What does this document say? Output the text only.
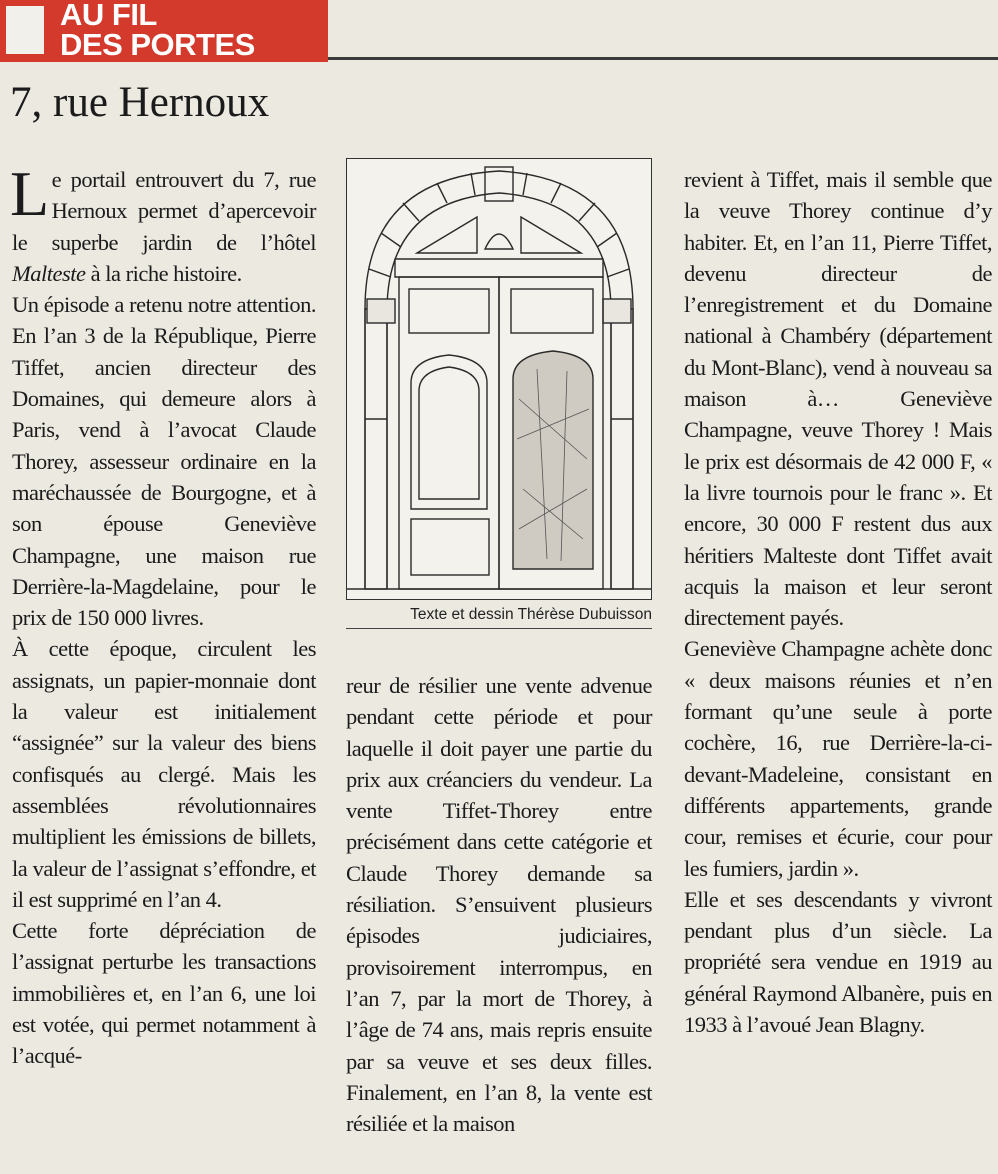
AU FIL
DES PORTES
7, rue Hernoux

Le portail entrouvert du 7, rue Hernoux permet d’apercevoir le superbe jardin de l’hôtel Malteste à la riche histoire.

Un épisode a retenu notre attention. En l’an 3 de la République, Pierre Tiffet, ancien directeur des Domaines, qui demeure alors à Paris, vend à l’avocat Claude Thorey, assesseur ordinaire en la maréchaussée de Bourgogne, et à son épouse Geneviève Champagne, une maison rue Derrière-la-Magdelaine, pour le prix de 150 000 livres.

À cette époque, circulent les assignats, un papier-monnaie dont la valeur est initialement “assignée” sur la valeur des biens confisqués au clergé. Mais les assemblées révolutionnaires multiplient les émissions de billets, la valeur de l’assignat s’effondre, et il est supprimé en l’an 4.

Cette forte dépréciation de l’assignat perturbe les transactions immobilières et, en l’an 6, une loi est votée, qui permet notamment à l’acqué-

Texte et dessin Thérèse Dubuisson

reur de résilier une vente advenue pendant cette période et pour laquelle il doit payer une partie du prix aux créanciers du vendeur. La vente Tiffet-Thorey entre précisément dans cette catégorie et Claude Thorey demande sa résiliation. S’ensuivent plusieurs épisodes judiciaires, provisoirement interrompus, en l’an 7, par la mort de Thorey, à l’âge de 74 ans, mais repris ensuite par sa veuve et ses deux filles. Finalement, en l’an 8, la vente est résiliée et la maison

revient à Tiffet, mais il semble que la veuve Thorey continue d’y habiter. Et, en l’an 11, Pierre Tiffet, devenu directeur de l’enregistrement et du Domaine national à Chambéry (département du Mont-Blanc), vend à nouveau sa maison à… Geneviève Champagne, veuve Thorey ! Mais le prix est désormais de 42 000 F, « la livre tournois pour le franc ». Et encore, 30 000 F restent dus aux héritiers Malteste dont Tiffet avait acquis la maison et leur seront directement payés.

Geneviève Champagne achète donc « deux maisons réunies et n’en formant qu’une seule à porte cochère, 16, rue Derrière-la-ci-devant-Madeleine, consistant en différents appartements, grande cour, remises et écurie, cour pour les fumiers, jardin ».

Elle et ses descendants y vivront pendant plus d’un siècle. La propriété sera vendue en 1919 au général Raymond Albanère, puis en 1933 à l’avoué Jean Blagny.
